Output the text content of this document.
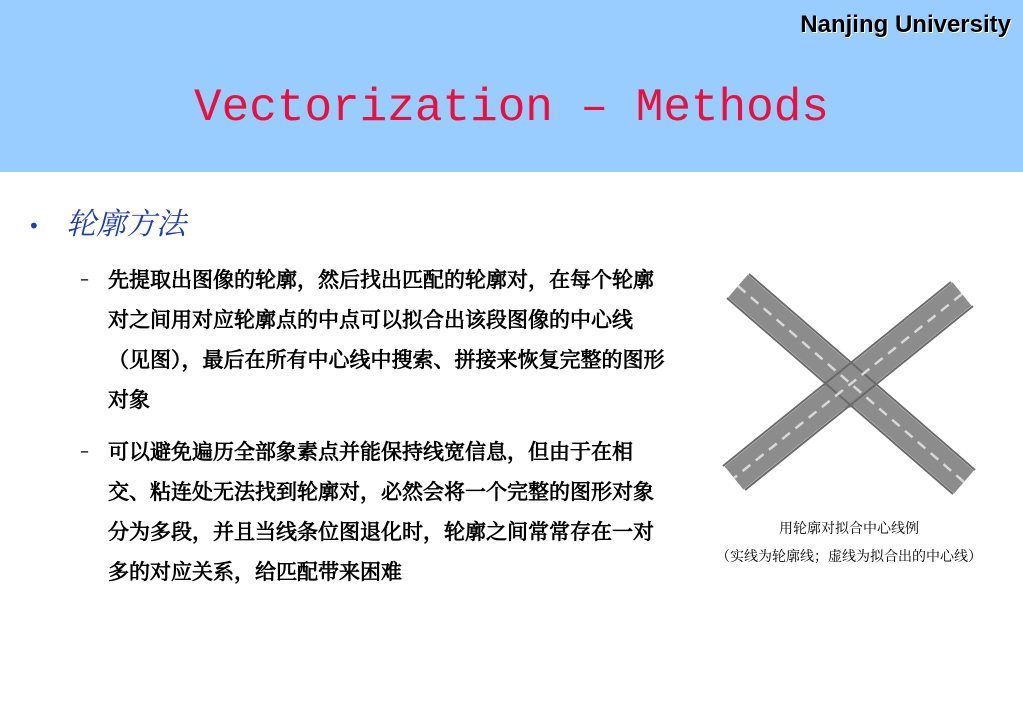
Nanjing University
Vectorization – Methods
• 轮廓方法
– 先提取出图像的轮廓，然后找出匹配的轮廓对，在每个轮廓对之间用对应轮廓点的中点可以拟合出该段图像的中心线（见图），最后在所有中心线中搜索、拼接来恢复完整的图形对象
– 可以避免遍历全部象素点并能保持线宽信息，但由于在相交、粘连处无法找到轮廓对，必然会将一个完整的图形对象分为多段，并且当线条位图退化时，轮廓之间常常存在一对多的对应关系，给匹配带来困难
用轮廓对拟合中心线例
（实线为轮廓线；虚线为拟合出的中心线）
